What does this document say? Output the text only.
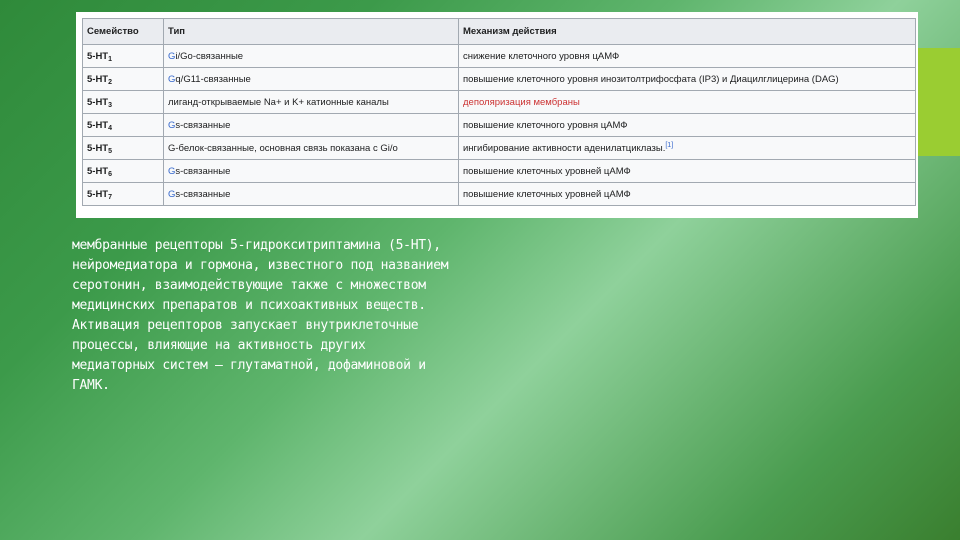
Семейство	Тип	Механизм действия
$5-HT_1$	Gi/Go-связанные	снижение клеточного уровня цАМФ
$5-HT_2$	Gq/G11-связанные	повышение клеточного уровня инозитолтрифосфата (IP3) и Диацилглицерина (DAG)
$5-HT_3$	лиганд-открываемые Na+ и K+ катионные каналы	деполяризация мембраны
$5-HT_4$	Gs-связанные	повышение клеточного уровня цАМФ
$5-HT_5$	G-белок-связанные, основная связь показана с Gi/o	ингибирование активности аденилатциклазы.[1]
$5-HT_6$	Gs-связанные	повышение клеточных уровней цАМФ
$5-HT_7$	Gs-связанные	повышение клеточных уровней цАМФ
мембранные рецепторы 5-гидрокситриптамина (5-НТ),
нейромедиатора и гормона, известного под названием
серотонин, взаимодействующие также с множеством
медицинских препаратов и психоактивных веществ.
Активация рецепторов запускает внутриклеточные
процессы, влияющие на активность других
медиаторных систем — глутаматной, дофаминовой и
ГАМК.
